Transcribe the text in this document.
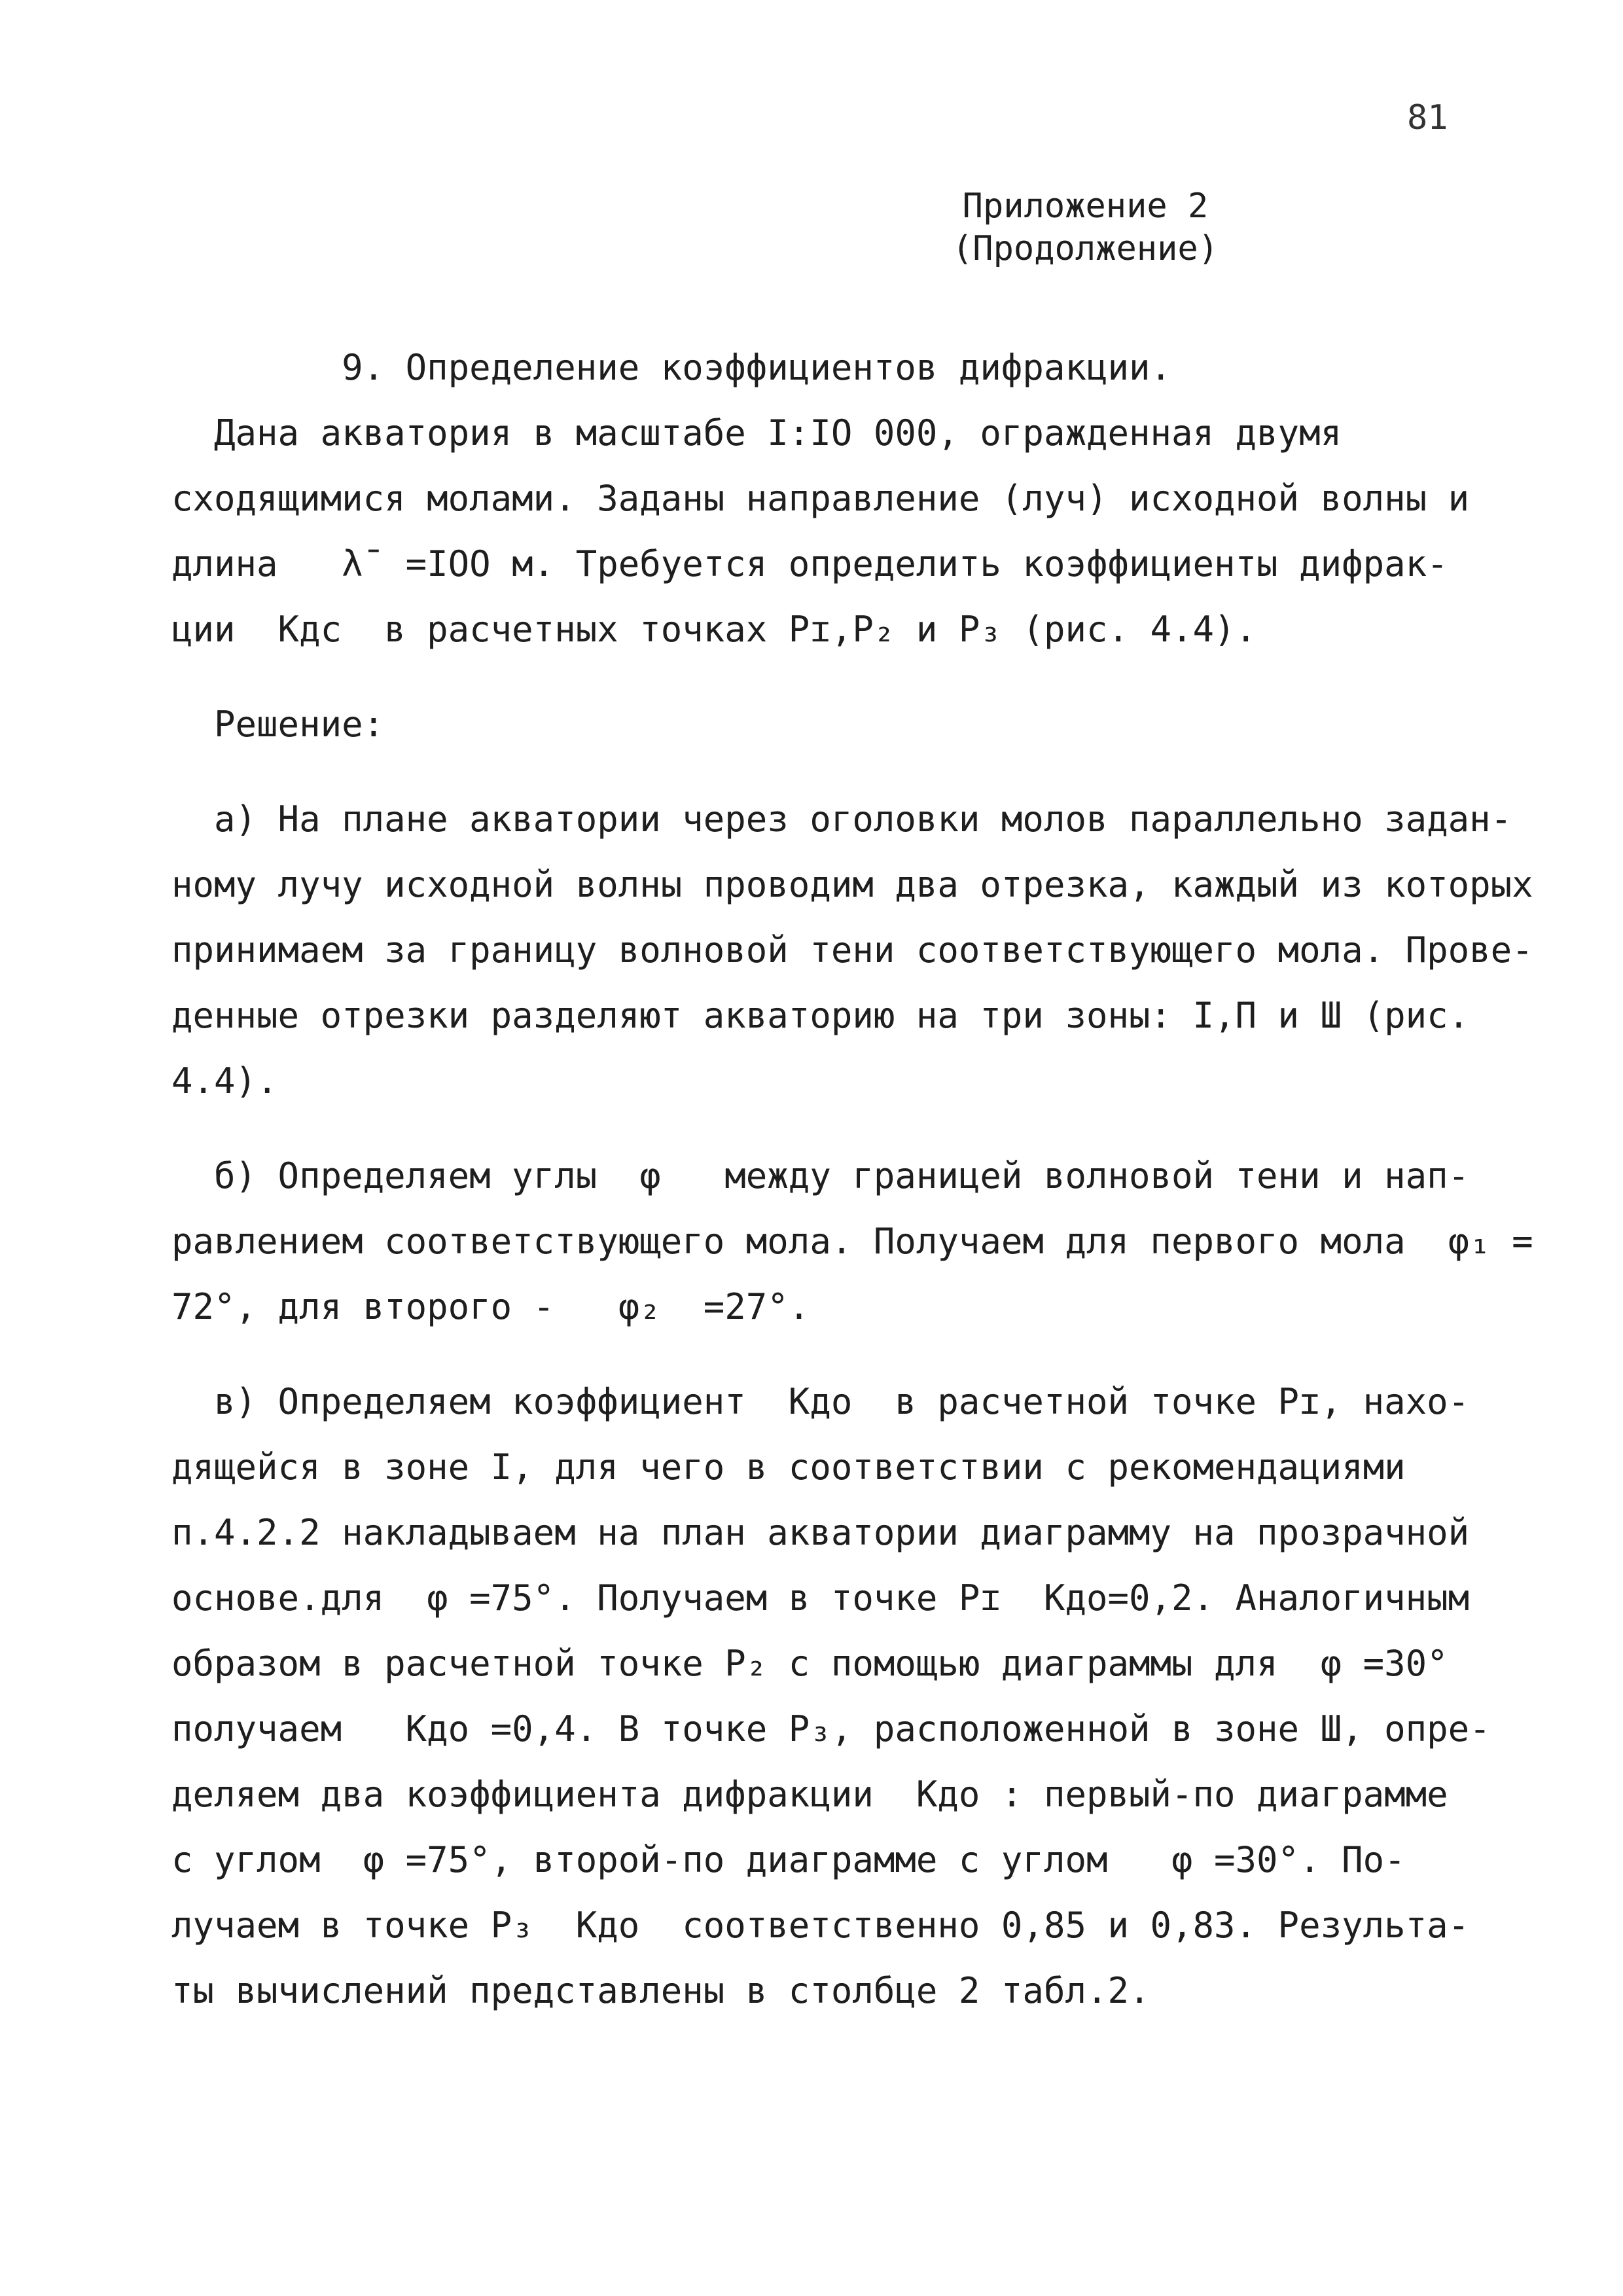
81
Приложение 2
(Продолжение)
9. Определение коэффициентов дифракции.
Дана акватория в масштабе I:IO 000, огражденная двумя
сходящимися молами. Заданы направление (луч) исходной волны и
длина   λ̄  =IOO м. Требуется определить коэффициенты дифрак-
ции  Кдс  в расчетных точках Pɪ,P₂ и P₃ (рис. 4.4).
Решение:
а) На плане акватории через оголовки молов параллельно задан-
ному лучу исходной волны проводим два отрезка, каждый из которых
принимаем за границу волновой тени соответствующего мола. Прове-
денные отрезки разделяют акваторию на три зоны: I,П и Ш (рис.
4.4).
б) Определяем углы  φ   между границей волновой тени и нап-
равлением соответствующего мола. Получаем для первого мола  φ₁ =
72°, для второго -   φ₂  =27°.
в) Определяем коэффициент  Кдо  в расчетной точке Pɪ, нахо-
дящейся в зоне I, для чего в соответствии с рекомендациями
п.4.2.2 накладываем на план акватории диаграмму на прозрачной
основе.для  φ =75°. Получаем в точке Pɪ  Кдо=0,2. Аналогичным
образом в расчетной точке P₂ с помощью диаграммы для  φ =30°
получаем   Кдо =0,4. В точке P₃, расположенной в зоне Ш, опре-
деляем два коэффициента дифракции  Кдо : первый-по диаграмме
с углом  φ =75°, второй-по диаграмме с углом   φ =30°. По-
лучаем в точке P₃  Кдо  соответственно 0,85 и 0,83. Результа-
ты вычислений представлены в столбце 2 табл.2.
